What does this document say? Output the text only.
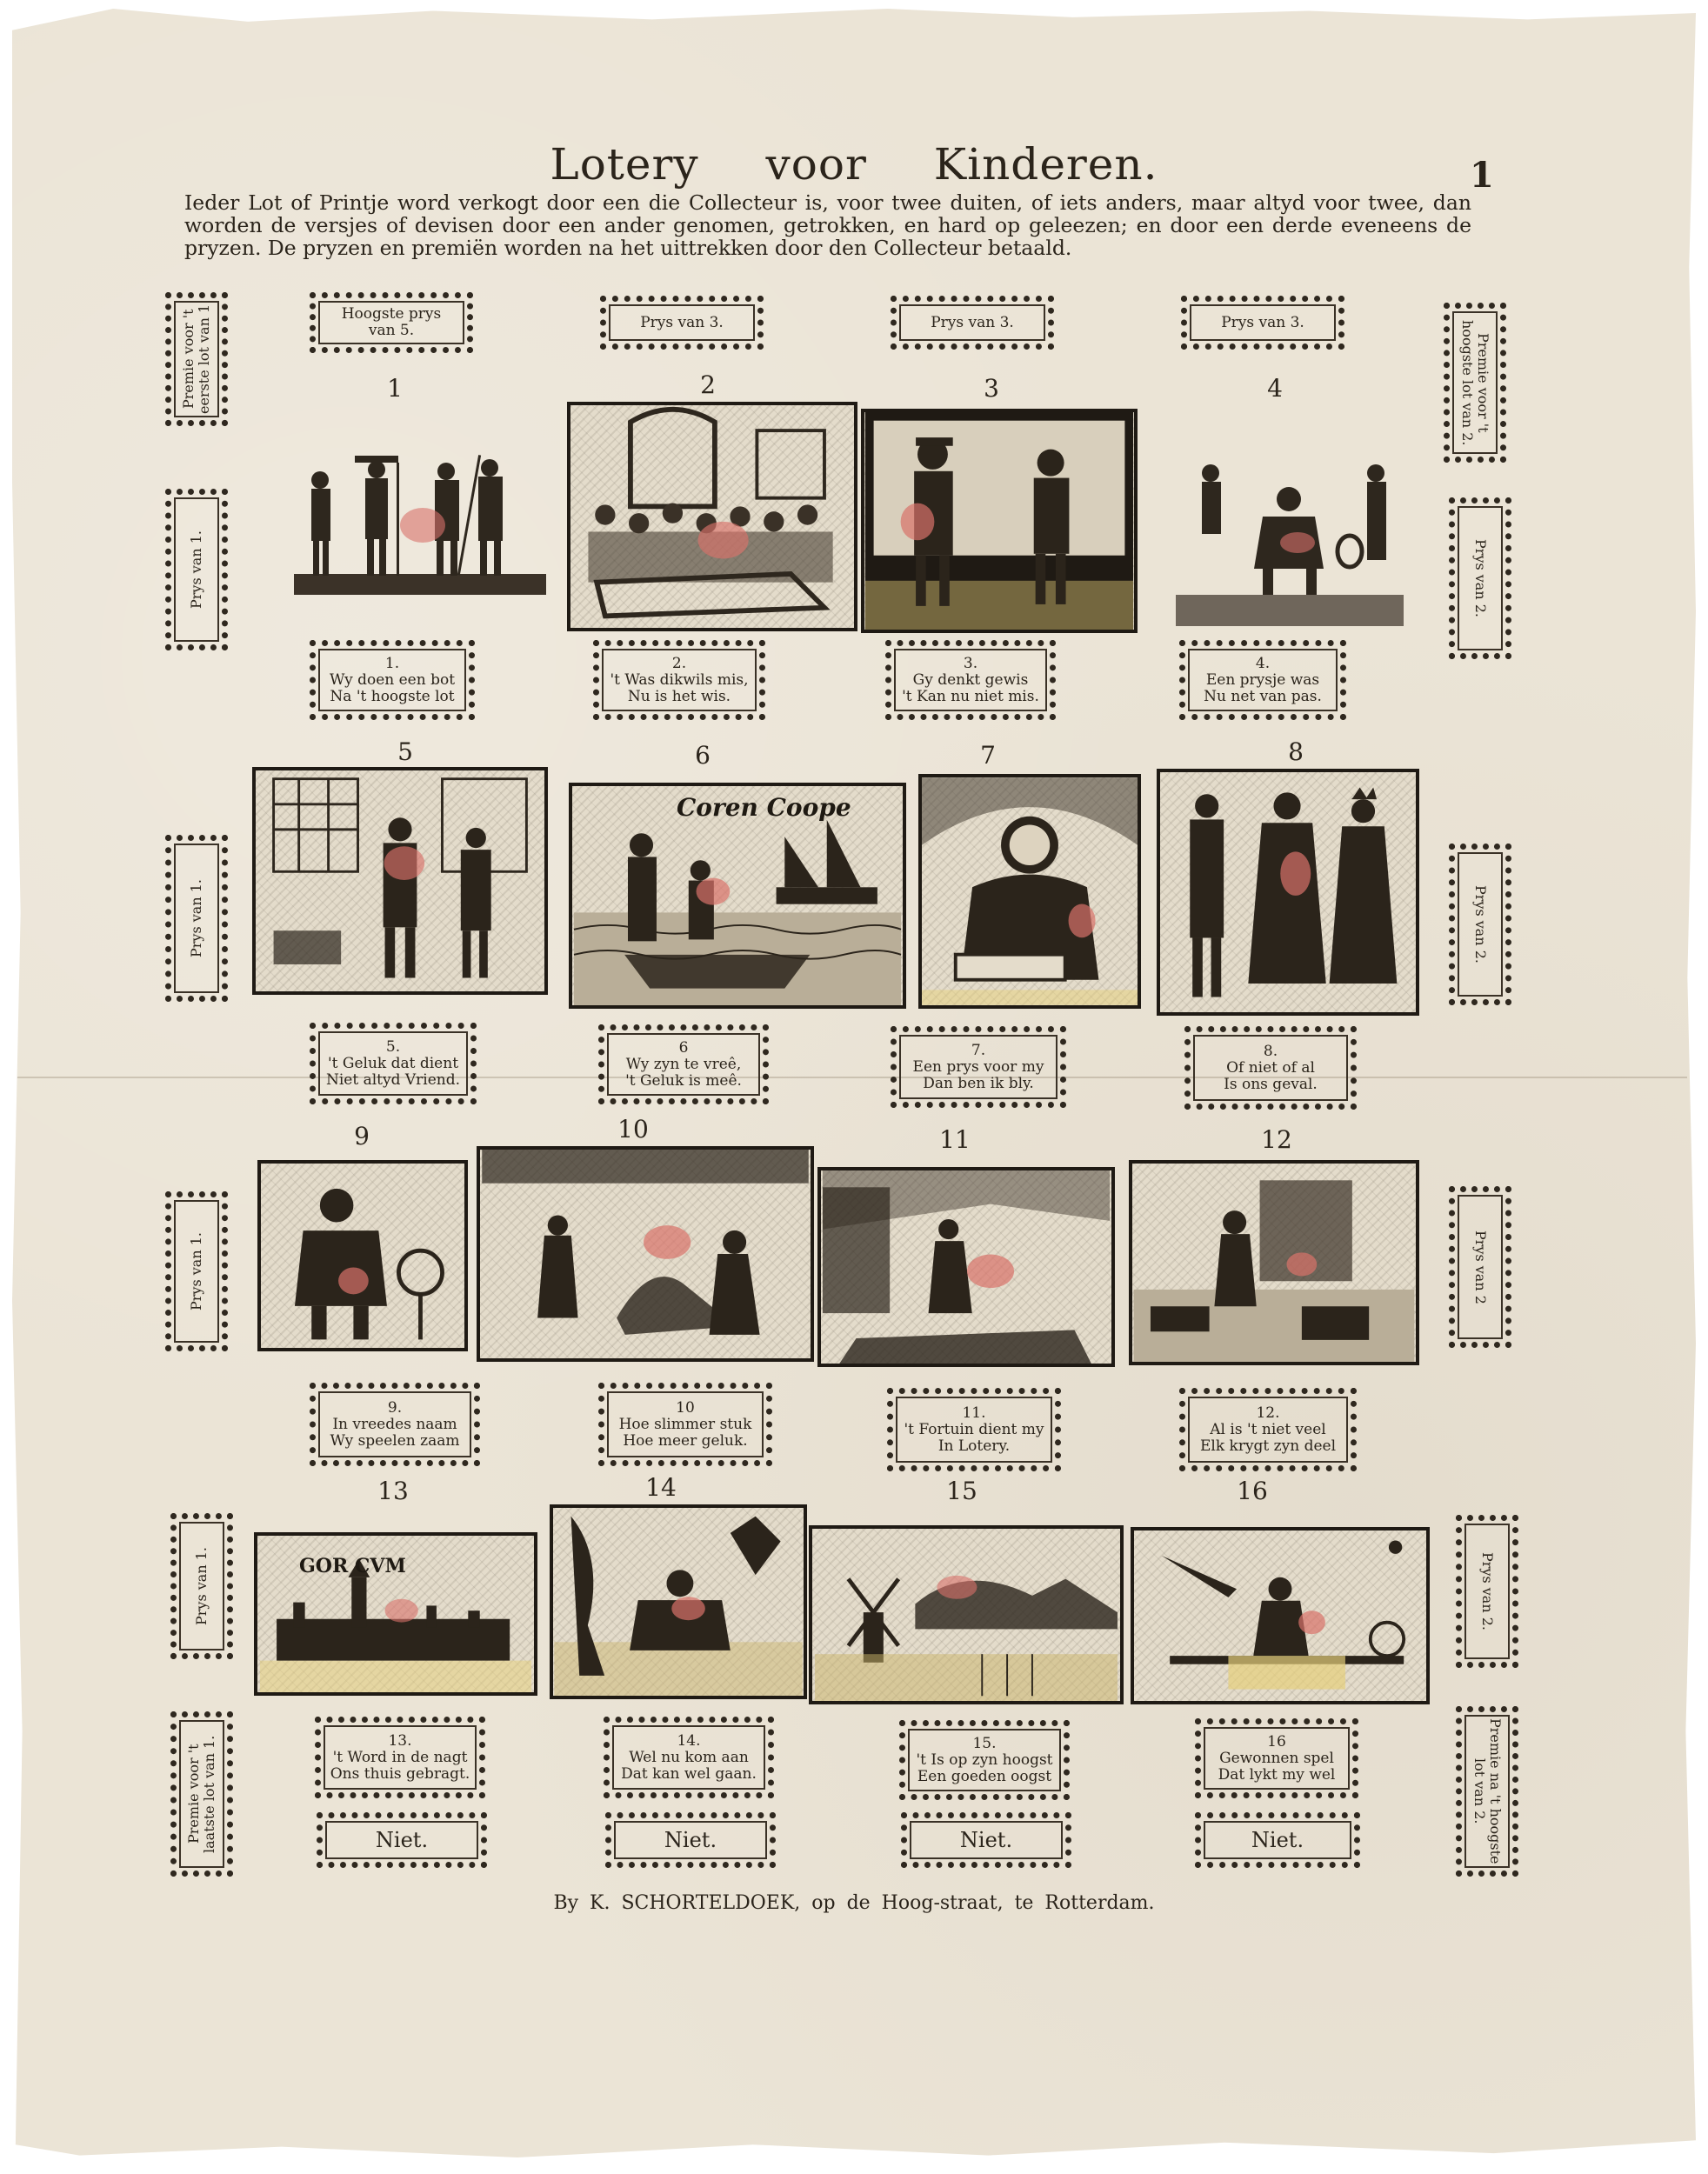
Lotery voor Kinderen.	1
Ieder Lot of Printje word verkogt door een die Collecteur is, voor twee duiten, of iets anders, maar altyd voor twee, dan worden de versjes of devisen door een ander genomen, getrokken, en hard op geleezen; en door een derde eveneens de pryzen. De pryzen en premiën worden na het uittrekken door den Collecteur betaald.
Hoogste prys van 5.	Prys van 3.	Prys van 3.	Prys van 3.
Premie voor 't eerste lot van 1
Prys van 1.
Prys van 1.
Prys van 1.
Prys van 1.
Premie voor 't laatste lot van 1.
Premie voor 't hoogste lot van 2.
Prys van 2.
Prys van 2.
Prys van 2
Prys van 2.
Premie na 't hoogste lot van 2.
1	2	3	4
5	6	7	8
9	10	11	12
13	14	15	16
Coren Coope
GOR CVM
1.
Wy doen een bot
Na 't hoogste lot
2.
't Was dikwils mis,
Nu is het wis.
3.
Gy denkt gewis
't Kan nu niet mis.
4.
Een prysje was
Nu net van pas.
5.
't Geluk dat dient
Niet altyd Vriend.
6
Wy zyn te vreê,
't Geluk is meê.
7.
Een prys voor my
Dan ben ik bly.
8.
Of niet of al
Is ons geval.
9.
In vreedes naam
Wy speelen zaam
10
Hoe slimmer stuk
Hoe meer geluk.
11.
't Fortuin dient my
In Lotery.
12.
Al is 't niet veel
Elk krygt zyn deel
13.
't Word in de nagt
Ons thuis gebragt.
14.
Wel nu kom aan
Dat kan wel gaan.
15.
't Is op zyn hoogst
Een goeden oogst
16
Gewonnen spel
Dat lykt my wel
Niet.	Niet.	Niet.	Niet.
By K. SCHORTELDOEK, op de Hoog-straat, te Rotterdam.
